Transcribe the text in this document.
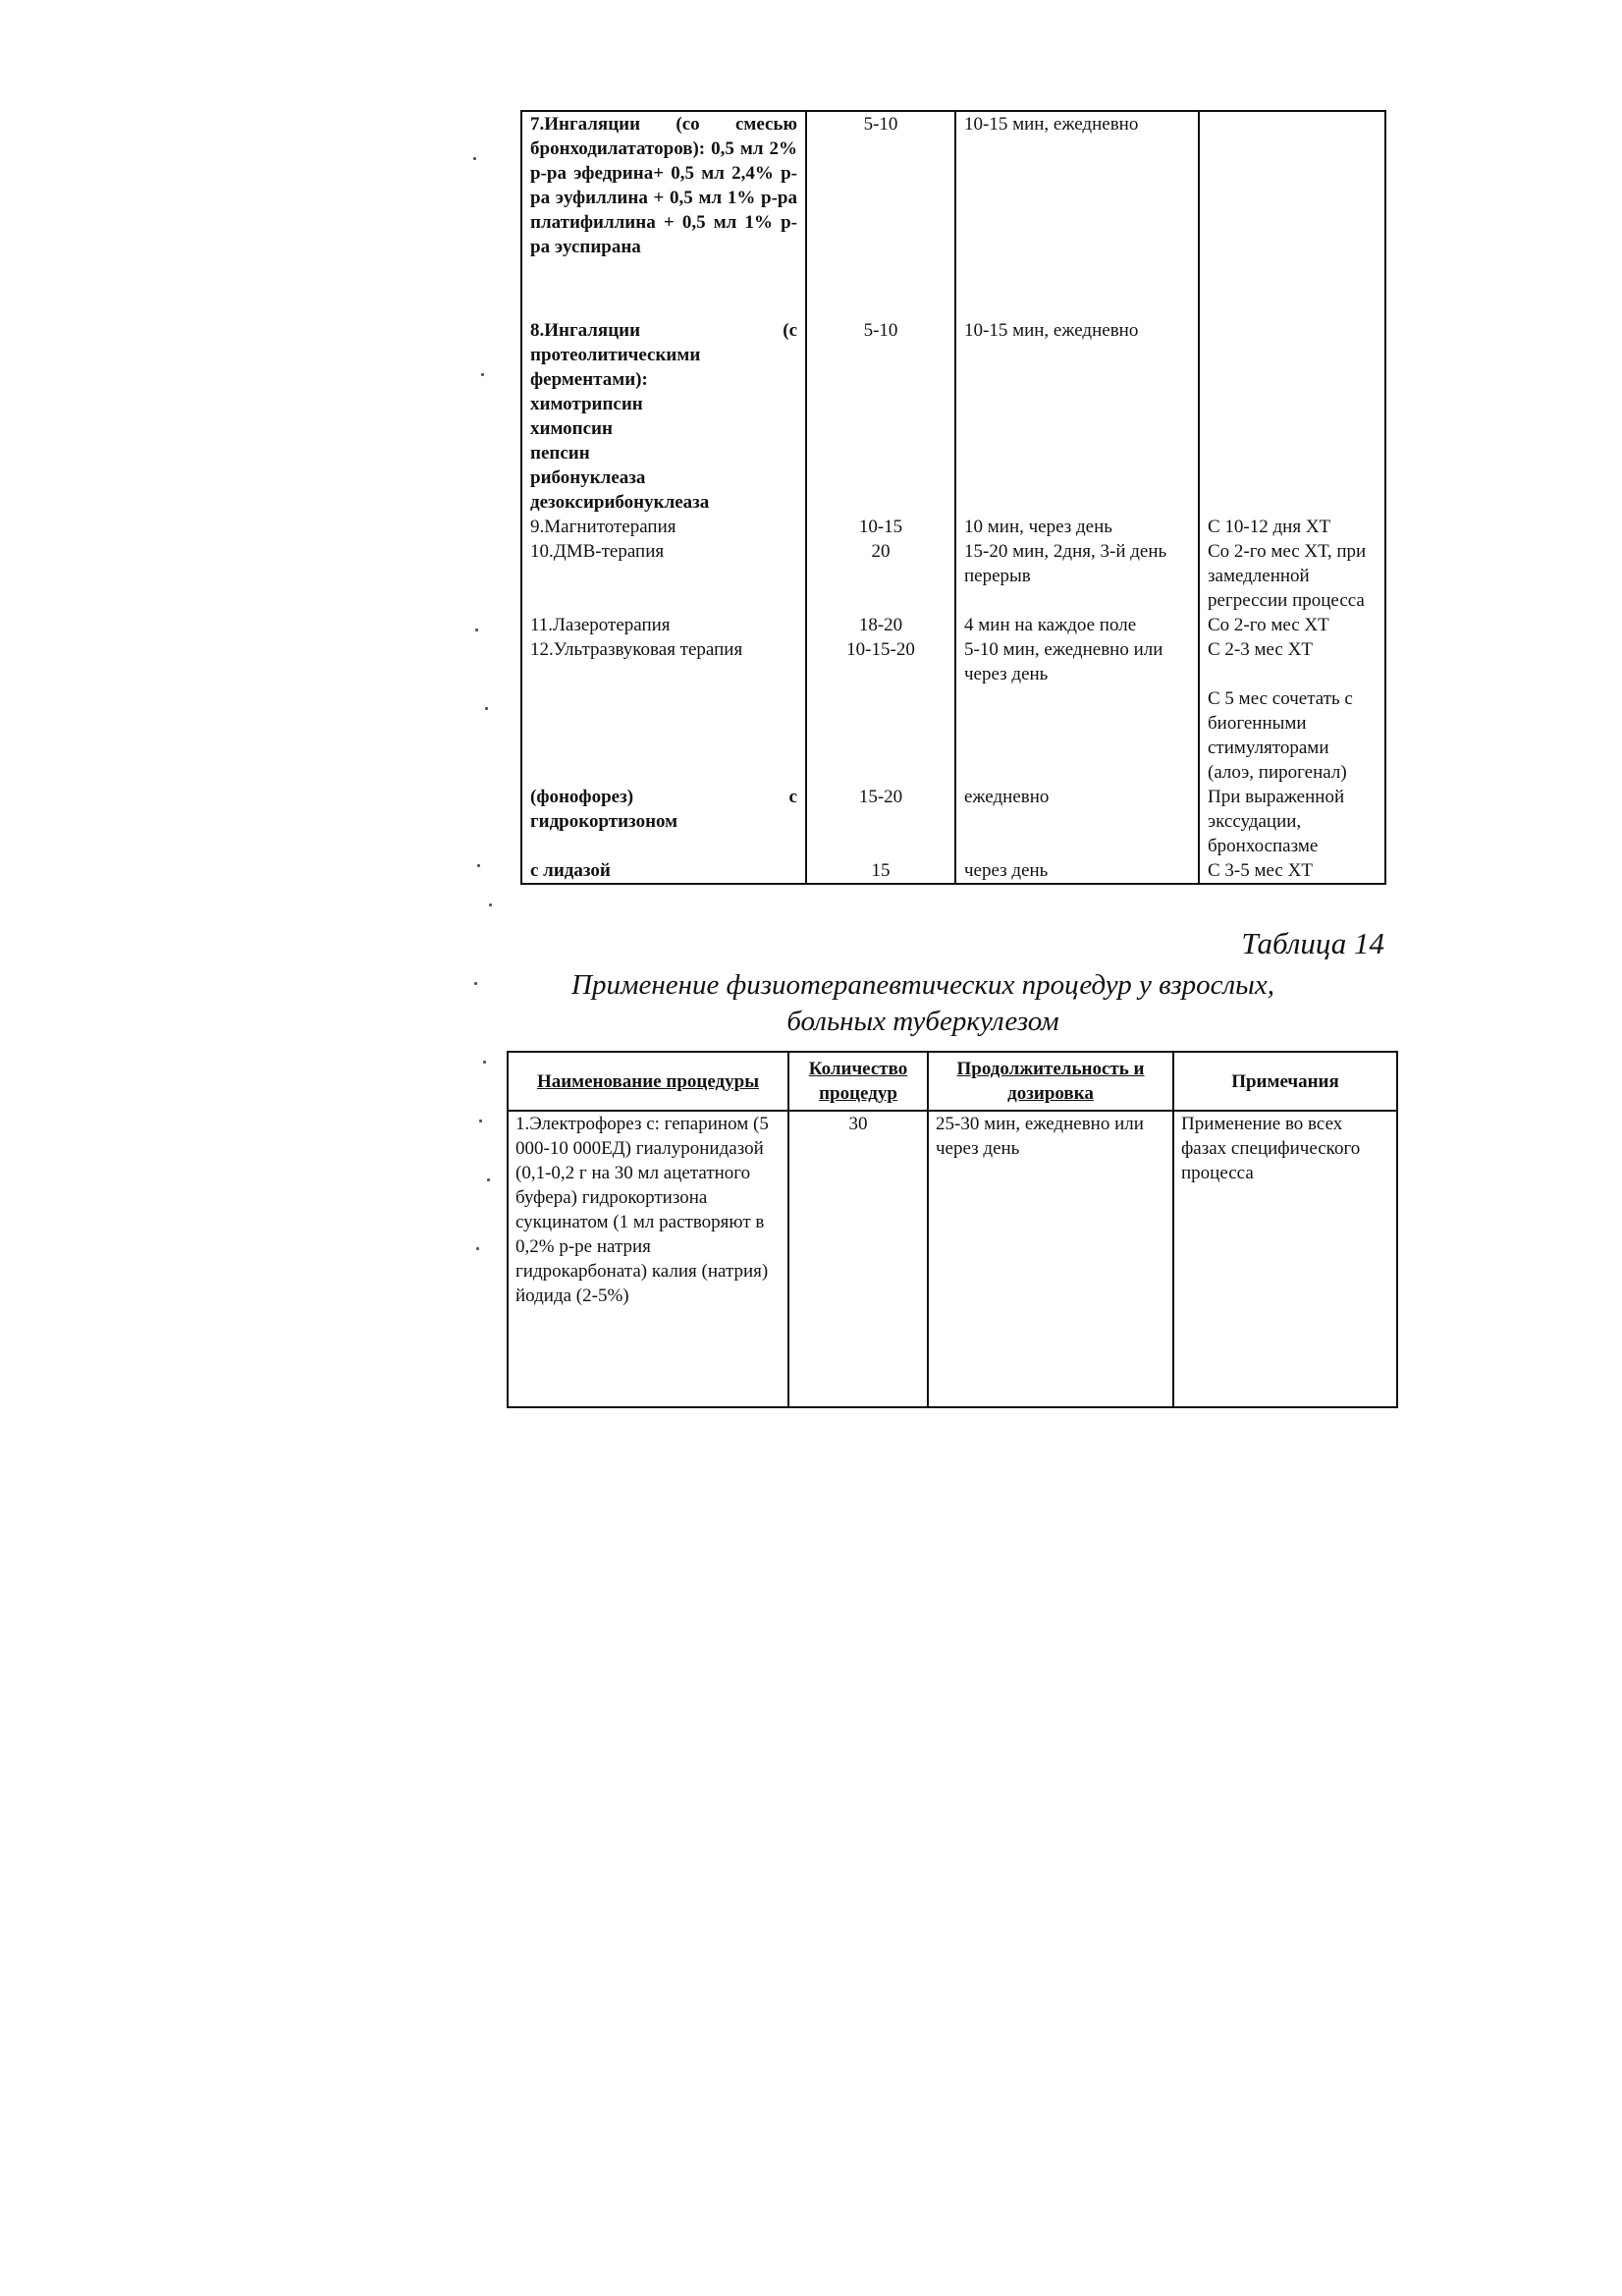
7.Ингаляции (со смесью бронходилататоров): 0,5 мл 2% р-ра эфедрина+ 0,5 мл 2,4% р-ра эуфиллина + 0,5 мл 1% р-ра платифиллина + 0,5 мл 1% р-ра эуспирана	5-10	10-15 мин, ежедневно	
8.Ингаляции (с протеолитическими ферментами):	5-10	10-15 мин, ежедневно	
химотрипсин			
химопсин			
пепсин			
рибонуклеаза			
дезоксирибонуклеаза			
9.Магнитотерапия	10-15	10 мин, через день	С 10-12 дня ХТ
10.ДМВ-терапия	20	15-20 мин, 2дня, 3-й день перерыв	Со 2-го мес ХТ, при замедленной регрессии процесса
11.Лазеротерапия	18-20	4 мин на каждое поле	Со 2-го мес ХТ
12.Ультразвуковая терапия	10-15-20	5-10 мин, ежедневно или через день	С 2-3 мес ХТ
			С 5 мес сочетать с биогенными стимуляторами (алоэ, пирогенал)
(фонофорез) с гидрокортизоном	15-20	ежедневно	При выраженной экссудации, бронхоспазме
с лидазой	15	через день	С 3-5 мес ХТ
Таблица 14
Применение физиотерапевтических процедур у взрослых, больных туберкулезом
Наименование процедуры	Количество процедур	Продолжительность и дозировка	Примечания
1.Электрофорез с: гепарином (5 000-10 000ЕД) гиалуронидазой (0,1-0,2 г на 30 мл ацетатного буфера) гидрокортизона сукцинатом (1 мл растворяют в 0,2% р-ре натрия гидрокарбоната) калия (натрия) йодида (2-5%)	30	25-30 мин, ежедневно или через день	Применение во всех фазах специфического процесса
